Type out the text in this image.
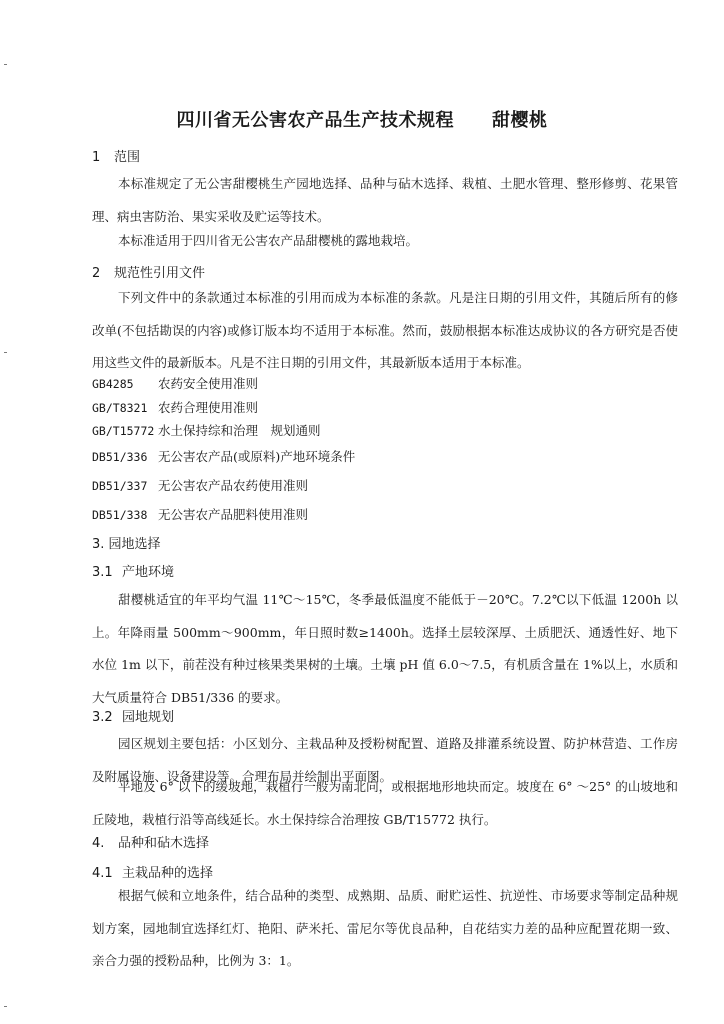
四川省无公害农产品生产技术规程 甜樱桃
1 范围
本标准规定了无公害甜樱桃生产园地选择、品种与砧木选择、栽植、土肥水管理、整形修剪、花果管理、病虫害防治、果实采收及贮运等技术。
本标准适用于四川省无公害农产品甜樱桃的露地栽培。
2 规范性引用文件
下列文件中的条款通过本标准的引用而成为本标准的条款。凡是注日期的引用文件，其随后所有的修改单(不包括勘误的内容)或修订版本均不适用于本标准。然而，鼓励根据本标准达成协议的各方研究是否使用这些文件的最新版本。凡是不注日期的引用文件，其最新版本适用于本标准。
GB4285 农药安全使用准则
GB/T8321 农药合理使用准则
GB/T15772 水土保持综和治理　规划通则
DB51/336 无公害农产品(或原料)产地环境条件
DB51/337 无公害农产品农药使用准则
DB51/338 无公害农产品肥料使用准则
3. 园地选择
3.1 产地环境
甜樱桃适宜的年平均气温 11℃～15℃，冬季最低温度不能低于－20℃。7.2℃以下低温 1200h 以上。年降雨量 500mm～900mm，年日照时数≥1400h。选择土层较深厚、土质肥沃、通透性好、地下水位 1m 以下，前茬没有种过核果类果树的土壤。土壤 pH 值 6.0～7.5，有机质含量在 1%以上，水质和大气质量符合 DB51/336 的要求。
3.2 园地规划
园区规划主要包括：小区划分、主栽品种及授粉树配置、道路及排灌系统设置、防护林营造、工作房及附属设施、设备建设等。合理布局并绘制出平面图。
平地及 6° 以下的缓坡地，栽植行一般为南北向，或根据地形地块而定。坡度在 6° ～25° 的山坡地和丘陵地，栽植行沿等高线延长。水土保持综合治理按 GB/T15772 执行。
4. 品种和砧木选择
4.1 主栽品种的选择
根据气候和立地条件，结合品种的类型、成熟期、品质、耐贮运性、抗逆性、市场要求等制定品种规划方案，园地制宜选择红灯、艳阳、萨米托、雷尼尔等优良品种，自花结实力差的品种应配置花期一致、亲合力强的授粉品种，比例为 3：1。
